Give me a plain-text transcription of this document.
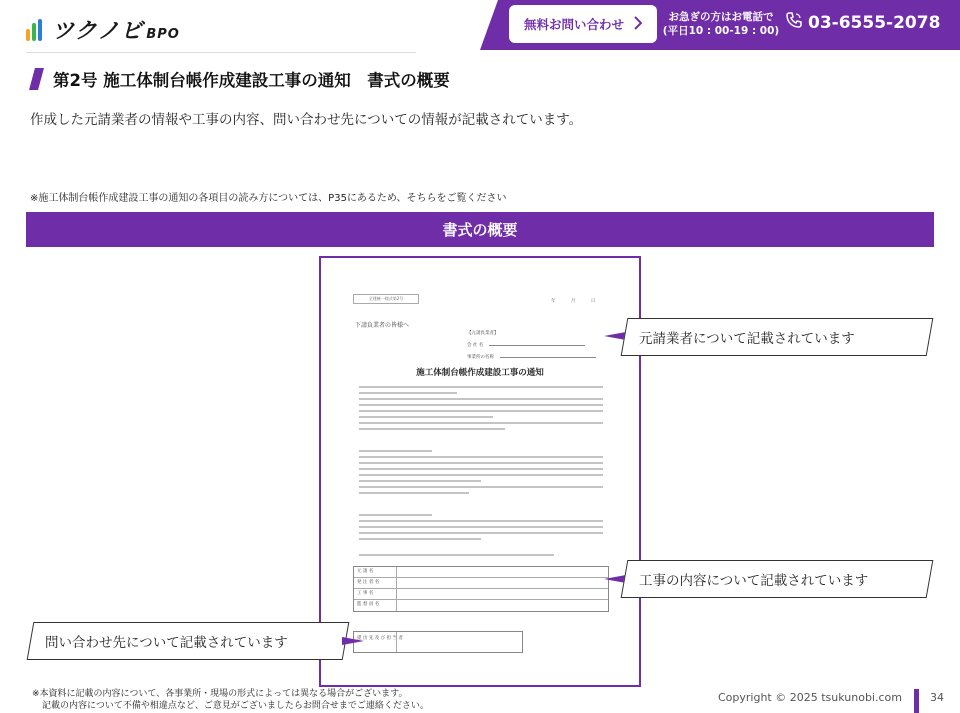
ツクノビ BPO
無料お問い合わせ	お急ぎの方はお電話で
(平日10 : 00-19 : 00) 03-6555-2078
第2号 施工体制台帳作成建設工事の通知　書式の概要
作成した元請業者の情報や工事の内容、問い合わせ先についての情報が記載されています。
※施工体制台帳作成建設工事の通知の各項目の読み方については、P35にあるため、そちらをご覧ください
書式の概要
全建統一様式第2号
年 月 日
下請負業者の皆様へ
【元請負業者】
会 社 名
事業所の名称
施工体制台帳作成建設工事の通知
元 請 名
発 注 者 名
工 事 名
監 督 員 名
提 出 先 及 び 担 当 者
元請業者について記載されています
工事の内容について記載されています
問い合わせ先について記載されています
※本資料に記載の内容について、各事業所・現場の形式によっては異なる場合がございます。
記載の内容について不備や相違点など、ご意見がございましたらお問合せまでご連絡ください。
Copyright © 2025 tsukunobi.com	34
